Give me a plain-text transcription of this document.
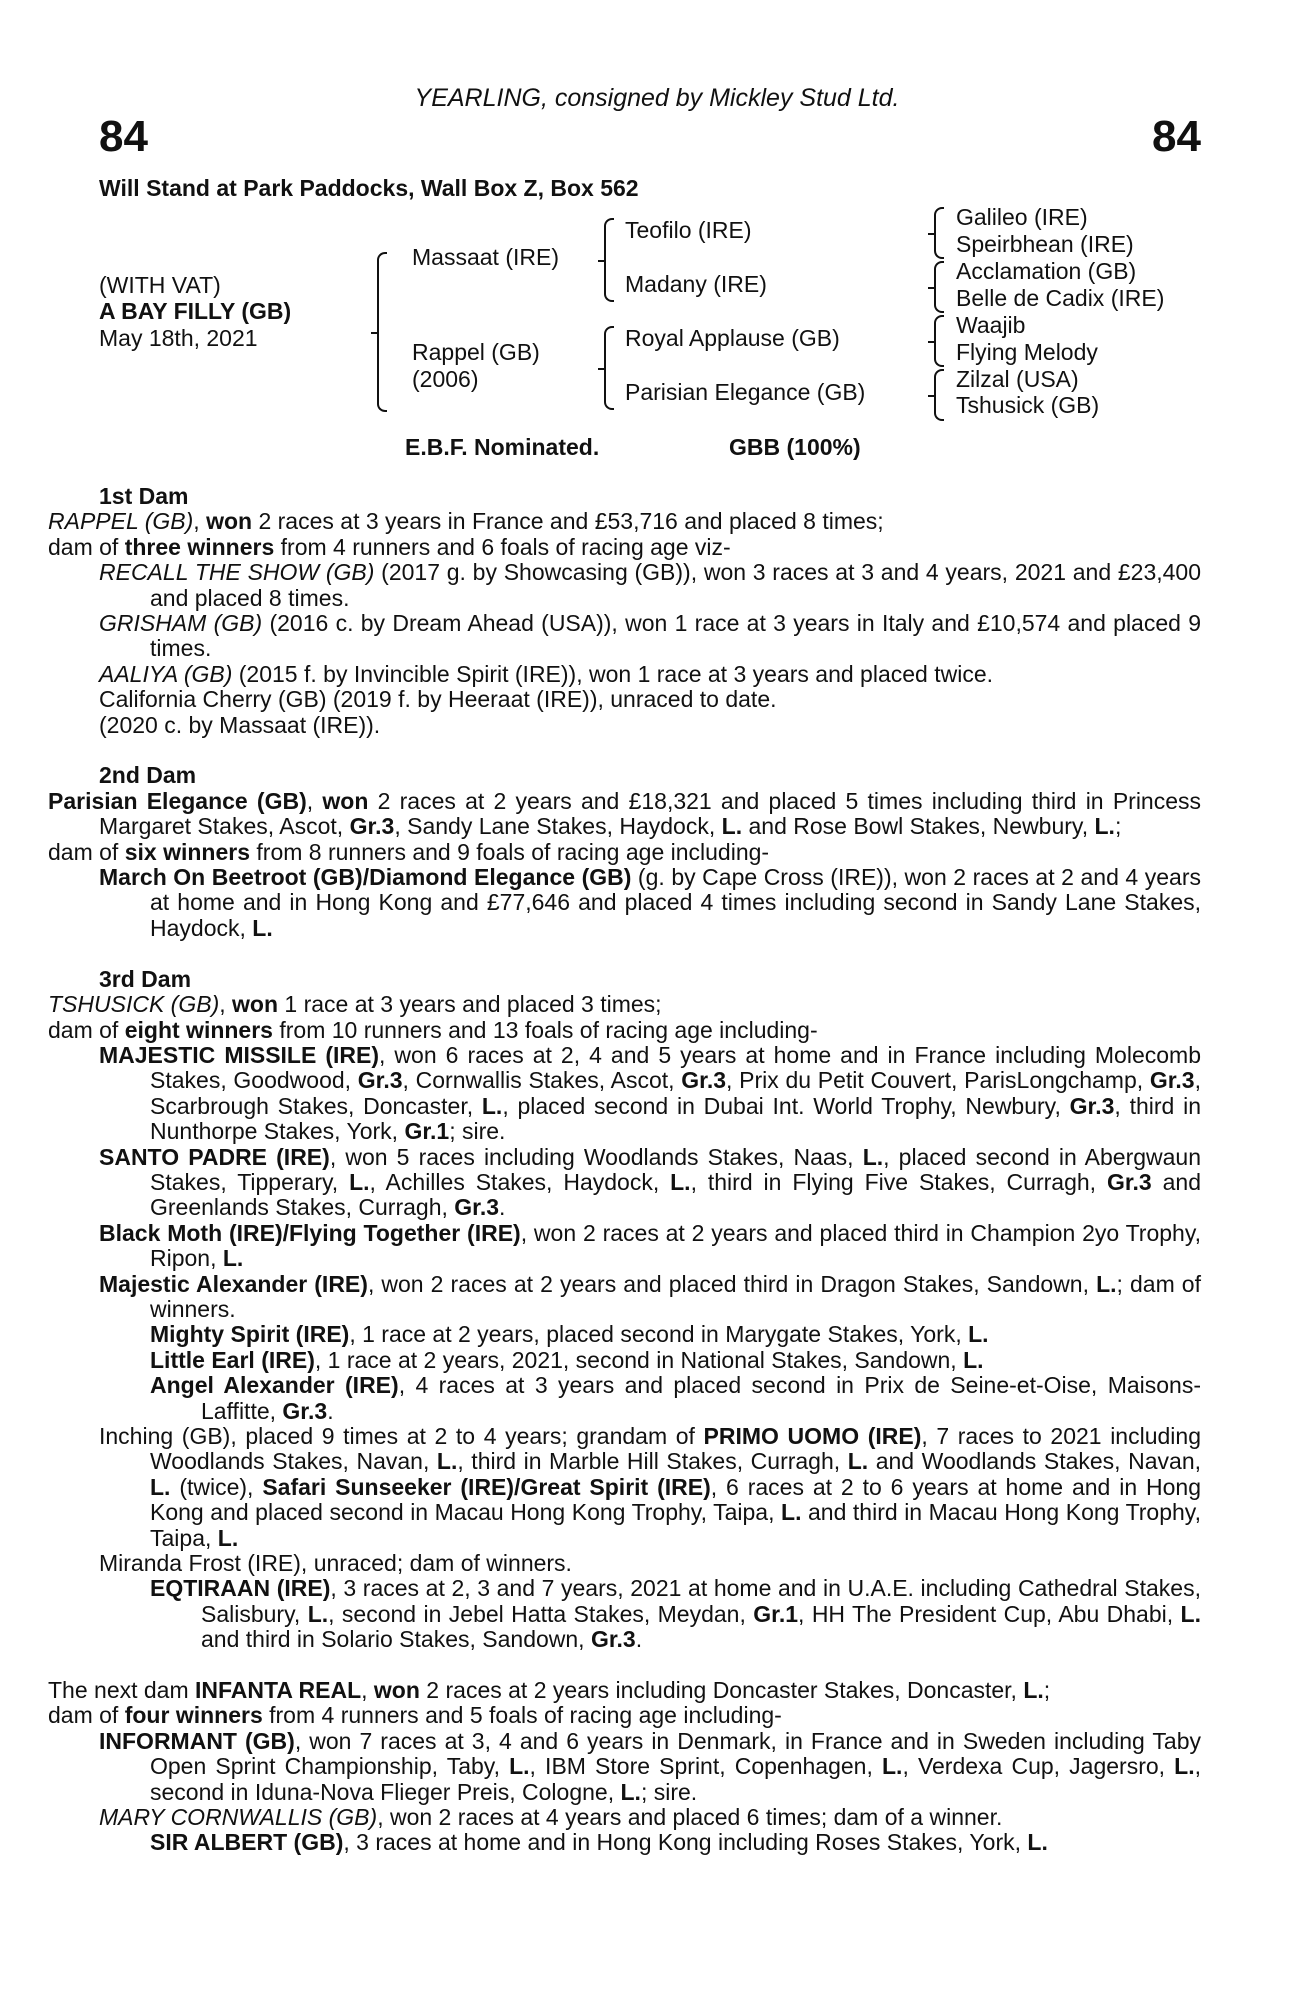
YEARLING, consigned by Mickley Stud Ltd.
84	84
Will Stand at Park Paddocks, Wall Box Z, Box 562
(WITH VAT)
A BAY FILLY (GB)
May 18th, 2021
Massaat (IRE)
Rappel (GB)
(2006)
Teofilo (IRE)
Madany (IRE)
Royal Applause (GB)
Parisian Elegance (GB)
Galileo (IRE)
Speirbhean (IRE)
Acclamation (GB)
Belle de Cadix (IRE)
Waajib
Flying Melody
Zilzal (USA)
Tshusick (GB)
E.B.F. Nominated.	GBB (100%)
1st Dam
RAPPEL (GB), won 2 races at 3 years in France and £53,716 and placed 8 times;
dam of three winners from 4 runners and 6 foals of racing age viz-
RECALL THE SHOW (GB) (2017 g. by Showcasing (GB)), won 3 races at 3 and 4 years, 2021 and £23,400 and placed 8 times.
GRISHAM (GB) (2016 c. by Dream Ahead (USA)), won 1 race at 3 years in Italy and £10,574 and placed 9 times.
AALIYA (GB) (2015 f. by Invincible Spirit (IRE)), won 1 race at 3 years and placed twice.
California Cherry (GB) (2019 f. by Heeraat (IRE)), unraced to date.
(2020 c. by Massaat (IRE)).
2nd Dam
Parisian Elegance (GB), won 2 races at 2 years and £18,321 and placed 5 times including third in Princess Margaret Stakes, Ascot, Gr.3, Sandy Lane Stakes, Haydock, L. and Rose Bowl Stakes, Newbury, L.;
dam of six winners from 8 runners and 9 foals of racing age including-
March On Beetroot (GB)/Diamond Elegance (GB) (g. by Cape Cross (IRE)), won 2 races at 2 and 4 years at home and in Hong Kong and £77,646 and placed 4 times including second in Sandy Lane Stakes, Haydock, L.
3rd Dam
TSHUSICK (GB), won 1 race at 3 years and placed 3 times;
dam of eight winners from 10 runners and 13 foals of racing age including-
MAJESTIC MISSILE (IRE), won 6 races at 2, 4 and 5 years at home and in France including Molecomb Stakes, Goodwood, Gr.3, Cornwallis Stakes, Ascot, Gr.3, Prix du Petit Couvert, ParisLongchamp, Gr.3, Scarbrough Stakes, Doncaster, L., placed second in Dubai Int. World Trophy, Newbury, Gr.3, third in Nunthorpe Stakes, York, Gr.1; sire.
SANTO PADRE (IRE), won 5 races including Woodlands Stakes, Naas, L., placed second in Abergwaun Stakes, Tipperary, L., Achilles Stakes, Haydock, L., third in Flying Five Stakes, Curragh, Gr.3 and Greenlands Stakes, Curragh, Gr.3.
Black Moth (IRE)/Flying Together (IRE), won 2 races at 2 years and placed third in Champion 2yo Trophy, Ripon, L.
Majestic Alexander (IRE), won 2 races at 2 years and placed third in Dragon Stakes, Sandown, L.; dam of winners.
Mighty Spirit (IRE), 1 race at 2 years, placed second in Marygate Stakes, York, L.
Little Earl (IRE), 1 race at 2 years, 2021, second in National Stakes, Sandown, L.
Angel Alexander (IRE), 4 races at 3 years and placed second in Prix de Seine-et-Oise, Maisons-Laffitte, Gr.3.
Inching (GB), placed 9 times at 2 to 4 years; grandam of PRIMO UOMO (IRE), 7 races to 2021 including Woodlands Stakes, Navan, L., third in Marble Hill Stakes, Curragh, L. and Woodlands Stakes, Navan, L. (twice), Safari Sunseeker (IRE)/Great Spirit (IRE), 6 races at 2 to 6 years at home and in Hong Kong and placed second in Macau Hong Kong Trophy, Taipa, L. and third in Macau Hong Kong Trophy, Taipa, L.
Miranda Frost (IRE), unraced; dam of winners.
EQTIRAAN (IRE), 3 races at 2, 3 and 7 years, 2021 at home and in U.A.E. including Cathedral Stakes, Salisbury, L., second in Jebel Hatta Stakes, Meydan, Gr.1, HH The President Cup, Abu Dhabi, L. and third in Solario Stakes, Sandown, Gr.3.
The next dam INFANTA REAL, won 2 races at 2 years including Doncaster Stakes, Doncaster, L.;
dam of four winners from 4 runners and 5 foals of racing age including-
INFORMANT (GB), won 7 races at 3, 4 and 6 years in Denmark, in France and in Sweden including Taby Open Sprint Championship, Taby, L., IBM Store Sprint, Copenhagen, L., Verdexa Cup, Jagersro, L., second in Iduna-Nova Flieger Preis, Cologne, L.; sire.
MARY CORNWALLIS (GB), won 2 races at 4 years and placed 6 times; dam of a winner.
SIR ALBERT (GB), 3 races at home and in Hong Kong including Roses Stakes, York, L.
